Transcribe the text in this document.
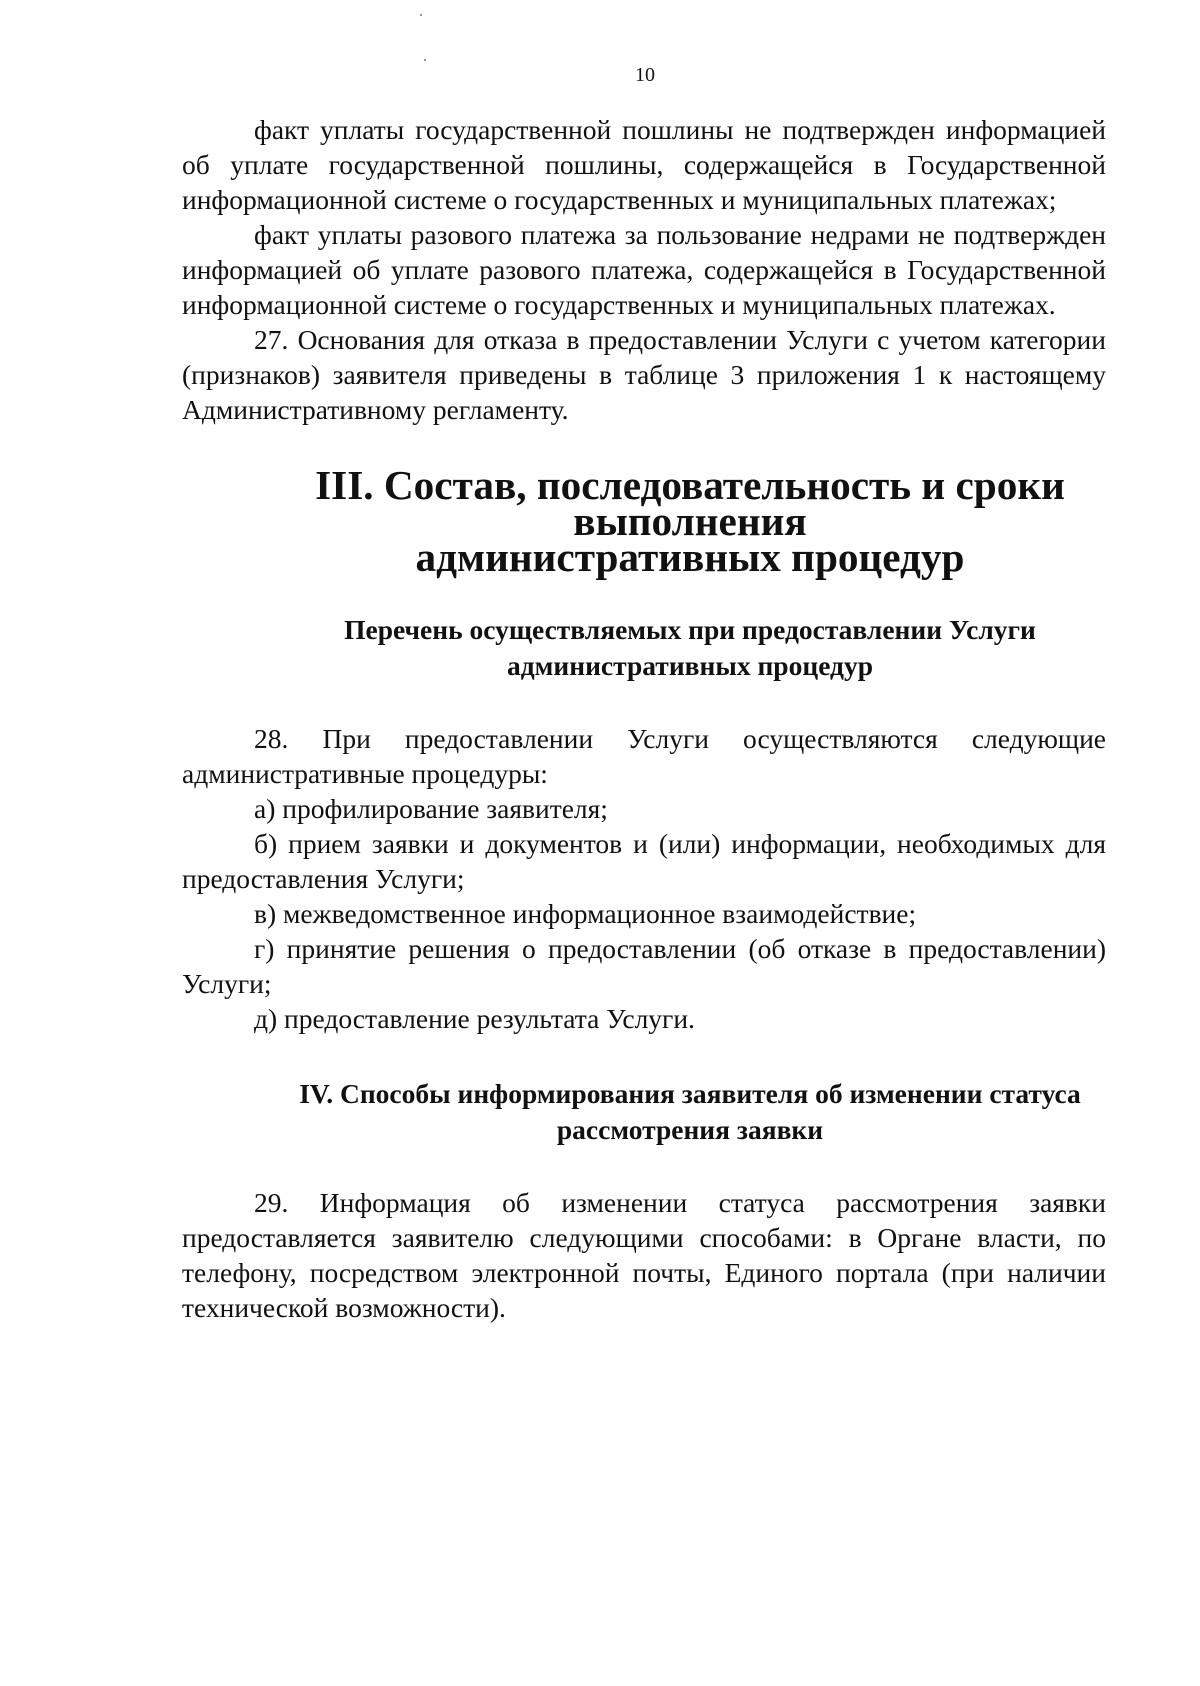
10

факт уплаты государственной пошлины не подтвержден информацией об уплате государственной пошлины, содержащейся в Государственной информационной системе о государственных и муниципальных платежах;

факт уплаты разового платежа за пользование недрами не подтвержден информацией об уплате разового платежа, содержащейся в Государственной информационной системе о государственных и муниципальных платежах.

27. Основания для отказа в предоставлении Услуги с учетом категории (признаков) заявителя приведены в таблице 3 приложения 1 к настоящему Административному регламенту.

III. Состав, последовательность и сроки выполнения
административных процедур
Перечень осуществляемых при предоставлении Услуги
административных процедур

28. При предоставлении Услуги осуществляются следующие административные процедуры:

а) профилирование заявителя;

б) прием заявки и документов и (или) информации, необходимых для предоставления Услуги;

в) межведомственное информационное взаимодействие;

г) принятие решения о предоставлении (об отказе в предоставлении) Услуги;

д) предоставление результата Услуги.

IV. Способы информирования заявителя об изменении статуса
рассмотрения заявки

29. Информация об изменении статуса рассмотрения заявки предоставляется заявителю следующими способами: в Органе власти, по телефону, посредством электронной почты, Единого портала (при наличии технической возможности).
